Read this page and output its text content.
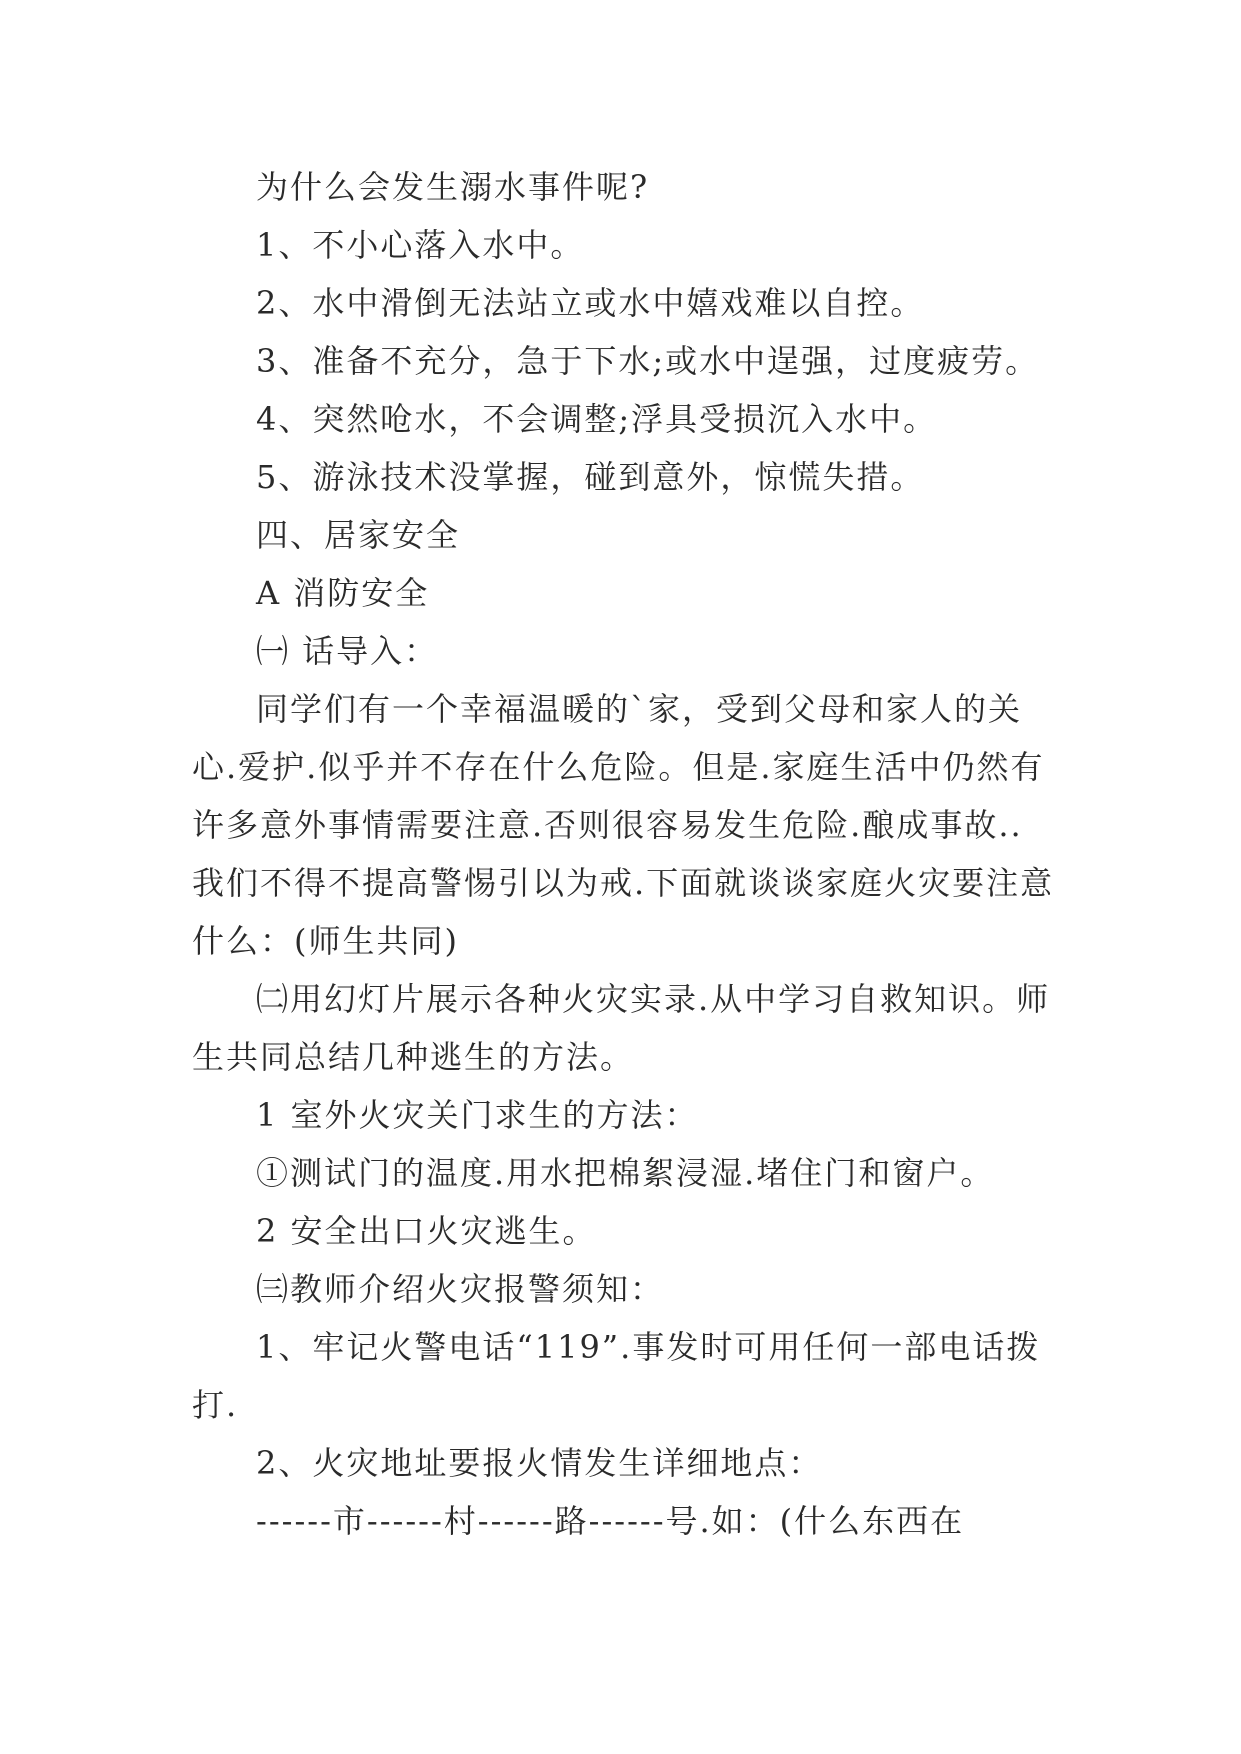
为什么会发生溺水事件呢?

1、不小心落入水中。

2、水中滑倒无法站立或水中嬉戏难以自控。

3、准备不充分，急于下水;或水中逞强，过度疲劳。

4、突然呛水，不会调整;浮具受损沉入水中。

5、游泳技术没掌握，碰到意外，惊慌失措。

四、居家安全

A 消防安全

㈠ 话导入：

同学们有一个幸福温暖的`家，受到父母和家人的关心.爱护.似乎并不存在什么危险。但是.家庭生活中仍然有许多意外事情需要注意.否则很容易发生危险.酿成事故..我们不得不提高警惕引以为戒.下面就谈谈家庭火灾要注意什么：(师生共同)

㈡用幻灯片展示各种火灾实录.从中学习自救知识。师生共同总结几种逃生的方法。

1 室外火灾关门求生的方法：

①测试门的温度.用水把棉絮浸湿.堵住门和窗户。

2 安全出口火灾逃生。

㈢教师介绍火灾报警须知：

1、牢记火警电话“119”.事发时可用任何一部电话拨打.

2、火灾地址要报火情发生详细地点：

------市------村------路------号.如：(什么东西在
